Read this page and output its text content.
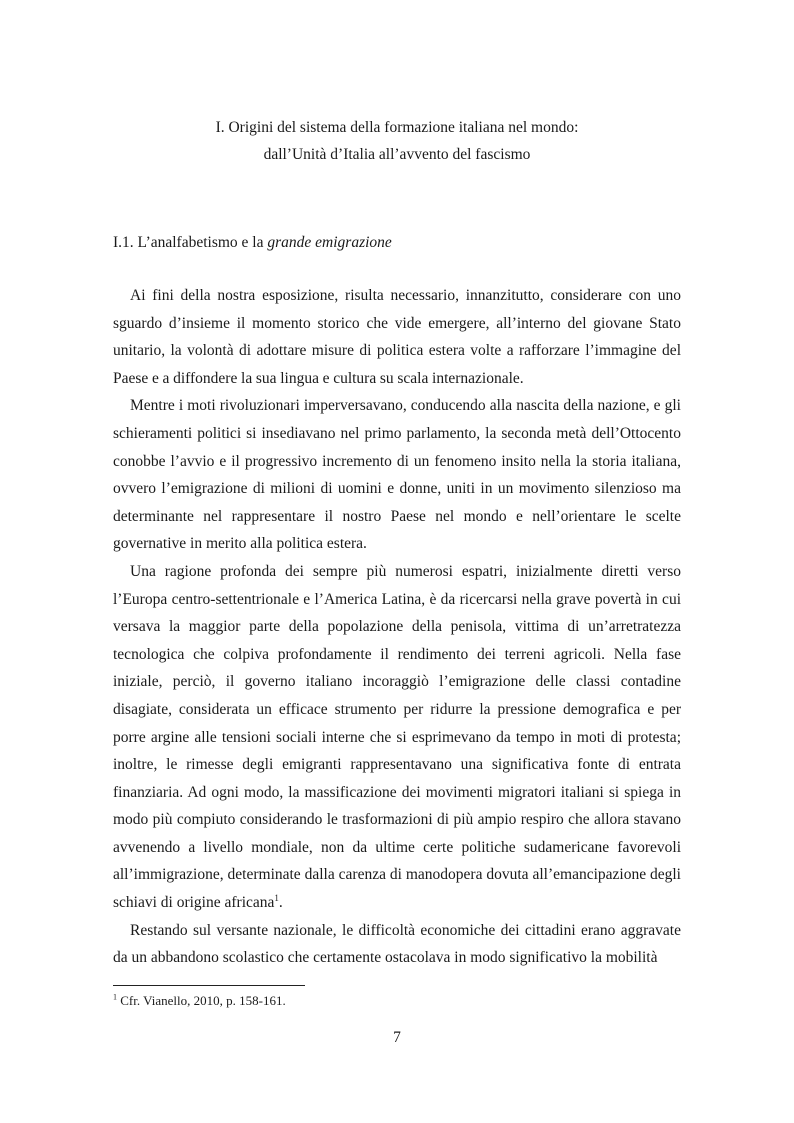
I. Origini del sistema della formazione italiana nel mondo:
dall’Unità d’Italia all’avvento del fascismo
I.1. L’analfabetismo e la grande emigrazione

Ai fini della nostra esposizione, risulta necessario, innanzitutto, considerare con uno sguardo d’insieme il momento storico che vide emergere, all’interno del giovane Stato unitario, la volontà di adottare misure di politica estera volte a rafforzare l’immagine del Paese e a diffondere la sua lingua e cultura su scala internazionale.

Mentre i moti rivoluzionari imperversavano, conducendo alla nascita della nazione, e gli schieramenti politici si insediavano nel primo parlamento, la seconda metà dell’Ottocento conobbe l’avvio e il progressivo incremento di un fenomeno insito nella la storia italiana, ovvero l’emigrazione di milioni di uomini e donne, uniti in un movimento silenzioso ma determinante nel rappresentare il nostro Paese nel mondo e nell’orientare le scelte governative in merito alla politica estera.

Una ragione profonda dei sempre più numerosi espatri, inizialmente diretti verso l’Europa centro-settentrionale e l’America Latina, è da ricercarsi nella grave povertà in cui versava la maggior parte della popolazione della penisola, vittima di un’arretratezza tecnologica che colpiva profondamente il rendimento dei terreni agricoli. Nella fase iniziale, perciò, il governo italiano incoraggiò l’emigrazione delle classi contadine disagiate, considerata un efficace strumento per ridurre la pressione demografica e per porre argine alle tensioni sociali interne che si esprimevano da tempo in moti di protesta; inoltre, le rimesse degli emigranti rappresentavano una significativa fonte di entrata finanziaria. Ad ogni modo, la massificazione dei movimenti migratori italiani si spiega in modo più compiuto considerando le trasformazioni di più ampio respiro che allora stavano avvenendo a livello mondiale, non da ultime certe politiche sudamericane favorevoli all’immigrazione, determinate dalla carenza di manodopera dovuta all’emancipazione degli schiavi di origine africana$^1$.

Restando sul versante nazionale, le difficoltà economiche dei cittadini erano aggravate da un abbandono scolastico che certamente ostacolava in modo significativo la mobilità

$^1$ Cfr. Vianello, 2010, p. 158-161.
7
